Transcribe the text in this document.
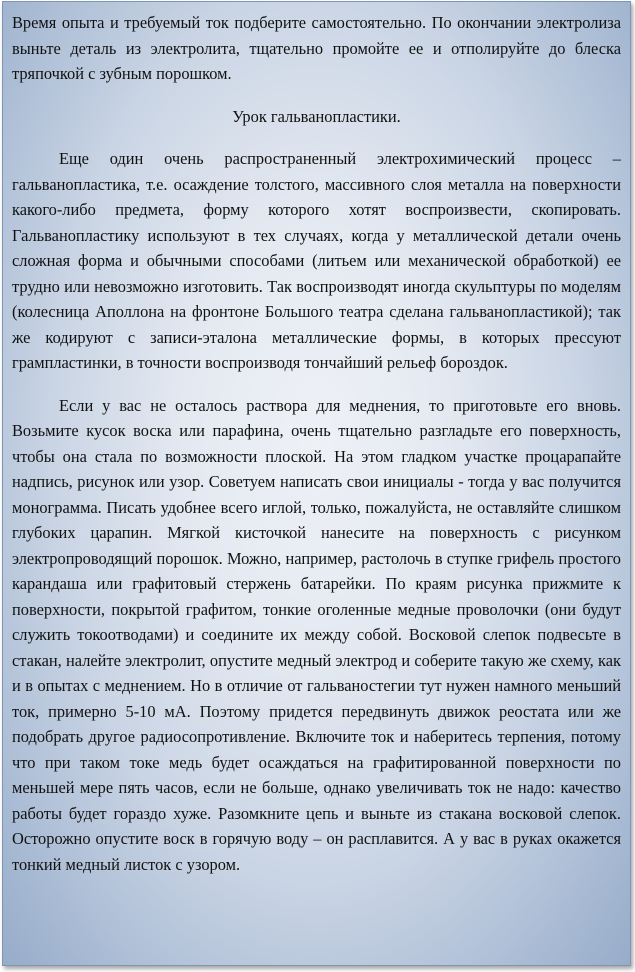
Время опыта и требуемый ток подберите самостоятельно. По окончании электролиза выньте деталь из электролита, тщательно промойте ее и отполируйте до блеска тряпочкой с зубным порошком.

Урок гальванопластики.

Еще один очень распространенный электрохимический процесс – гальванопластика, т.е. осаждение толстого, массивного слоя металла на поверхности какого-либо предмета, форму которого хотят воспроизвести, скопировать. Гальванопластику используют в тех случаях, когда у металлической детали очень сложная форма и обычными способами (литьем или механической обработкой) ее трудно или невозможно изготовить. Так воспроизводят иногда скульптуры по моделям (колесница Аполлона на фронтоне Большого театра сделана гальванопластикой); так же кодируют с записи-эталона металлические формы, в которых прессуют грампластинки, в точности воспроизводя тончайший рельеф бороздок.

Если у вас не осталось раствора для меднения, то приготовьте его вновь. Возьмите кусок воска или парафина, очень тщательно разгладьте его поверхность, чтобы она стала по возможности плоской. На этом гладком участке процарапайте надпись, рисунок или узор. Советуем написать свои инициалы - тогда у вас получится монограмма. Писать удобнее всего иглой, только, пожалуйста, не оставляйте слишком глубоких царапин. Мягкой кисточкой нанесите на поверхность с рисунком электропроводящий порошок. Можно, например, растолочь в ступке грифель простого карандаша или графитовый стержень батарейки. По краям рисунка прижмите к поверхности, покрытой графитом, тонкие оголенные медные проволочки (они будут служить токоотводами) и соедините их между собой. Восковой слепок подвесьте в стакан, налейте электролит, опустите медный электрод и соберите такую же схему, как и в опытах с меднением. Но в отличие от гальваностегии тут нужен намного меньший ток, примерно 5-10 мА. Поэтому придется передвинуть движок реостата или же подобрать другое радиосопротивление. Включите ток и наберитесь терпения, потому что при таком токе медь будет осаждаться на графитированной поверхности по меньшей мере пять часов, если не больше, однако увеличивать ток не надо: качество работы будет гораздо хуже. Разомкните цепь и выньте из стакана восковой слепок. Осторожно опустите воск в горячую воду – он расплавится. А у вас в руках окажется тонкий медный листок с узором.
